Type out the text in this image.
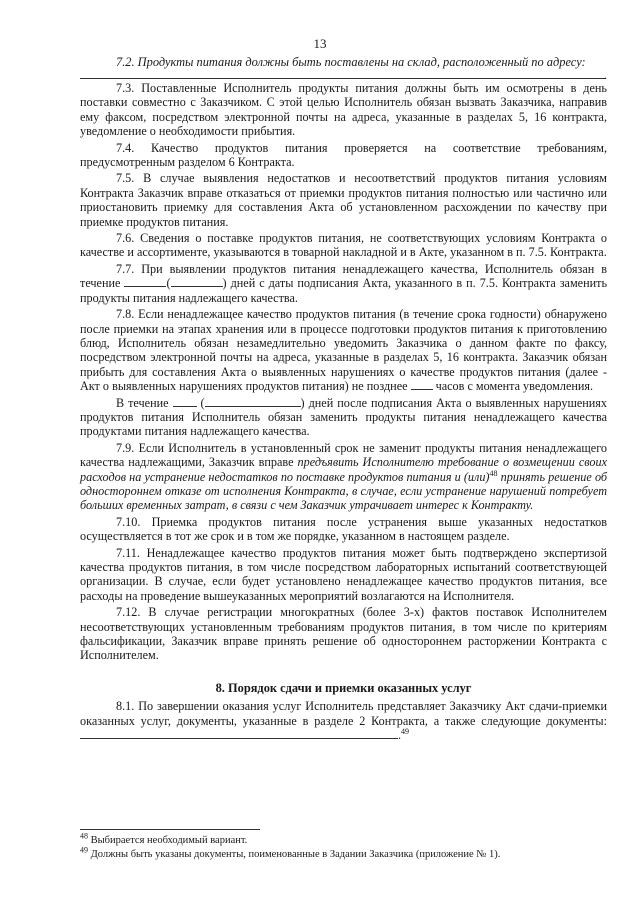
13
7.2. Продукты питания должны быть поставлены на склад, расположенный по адресу:
.

7.3. Поставленные Исполнитель продукты питания должны быть им осмотрены в день поставки совместно с Заказчиком. С этой целью Исполнитель обязан вызвать Заказчика, направив ему факсом, посредством электронной почты на адреса, указанные в разделах 5, 16 контракта, уведомление о необходимости прибытия.

7.4. Качество продуктов питания проверяется на соответствие требованиям, предусмотренным разделом 6 Контракта.

7.5. В случае выявления недостатков и несоответствий продуктов питания условиям Контракта Заказчик вправе отказаться от приемки продуктов питания полностью или частично или приостановить приемку для составления Акта об установленном расхождении по качеству при приемке продуктов питания.

7.6. Сведения о поставке продуктов питания, не соответствующих условиям Контракта о качестве и ассортименте, указываются в товарной накладной и в Акте, указанном в п. 7.5. Контракта.

7.7. При выявлении продуктов питания ненадлежащего качества, Исполнитель обязан в течение	(	) дней с даты подписания Акта, указанного в п. 7.5. Контракта заменить продукты питания надлежащего качества.

7.8. Если ненадлежащее качество продуктов питания (в течение срока годности) обнаружено после приемки на этапах хранения или в процессе подготовки продуктов питания к приготовлению блюд, Исполнитель обязан незамедлительно уведомить Заказчика о данном факте по факсу, посредством электронной почты на адреса, указанные в разделах 5, 16 контракта. Заказчик обязан прибыть для составления Акта о выявленных нарушениях о качестве продуктов питания (далее - Акт о выявленных нарушениях продуктов питания) не позднее часов с момента уведомления.

В течение  (	) дней после подписания Акта о выявленных нарушениях продуктов питания Исполнитель обязан заменить продукты питания ненадлежащего качества продуктами питания надлежащего качества.

7.9. Если Исполнитель в установленный срок не заменит продукты питания ненадлежащего качества надлежащими, Заказчик вправе предъявить Исполнителю требование о возмещении своих расходов на устранение недостатков по поставке продуктов питания и (или)$^{48}$ принять решение об одностороннем отказе от исполнения Контракта, в случае, если устранение нарушений потребует больших временных затрат, в связи с чем Заказчик утрачивает интерес к Контракту.

7.10. Приемка продуктов питания после устранения выше указанных недостатков осуществляется в тот же срок и в том же порядке, указанном в настоящем разделе.

7.11. Ненадлежащее качество продуктов питания может быть подтверждено экспертизой качества продуктов питания, в том числе посредством лабораторных испытаний соответствующей организации. В случае, если будет установлено ненадлежащее качество продуктов питания, все расходы на проведение вышеуказанных мероприятий возлагаются на Исполнителя.

7.12. В случае регистрации многократных (более 3-х) фактов поставок Исполнителем несоответствующих установленным требованиям продуктов питания, в том числе по критериям фальсификации, Заказчик вправе принять решение об одностороннем расторжении Контракта с Исполнителем.

8. Порядок сдачи и приемки оказанных услуг

8.1. По завершении оказания услуг Исполнитель представляет Заказчику Акт сдачи-приемки оказанных услуг, документы, указанные в разделе 2 Контракта, а также следующие документы: .$^{49}$

$^{48}$ Выбирается необходимый вариант.
$^{49}$ Должны быть указаны документы, поименованные в Задании Заказчика (приложение № 1).
